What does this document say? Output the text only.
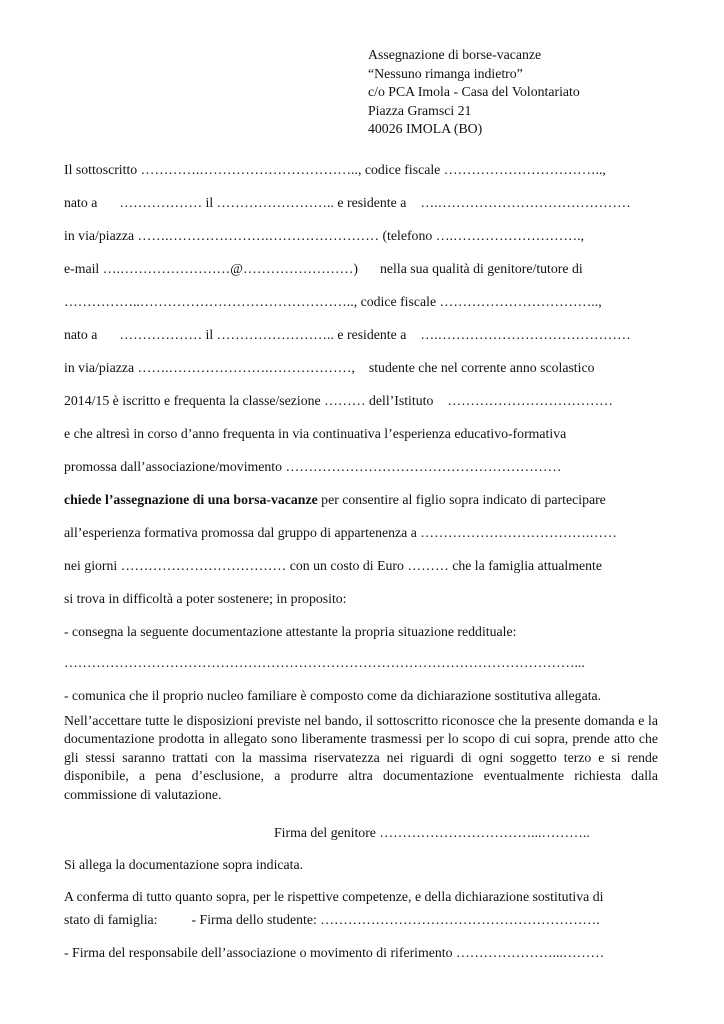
Assegnazione di borse-vacanze
“Nessuno rimanga indietro”
c/o PCA Imola - Casa del Volontariato
Piazza Gramsci 21
40026 IMOLA (BO)
Il sottoscritto ………….…………………………….., codice fiscale ……………………………..,
nato a ……………… il …………………….. e residente a ….……………………………………
in via/piazza …….………………….…………………… (telefono ….……………………….,
e-mail ….……………………@……………………) nella sua qualità di genitore/tutore di
……………..……………………………………….., codice fiscale ……………………………..,
nato a ……………… il …………………….. e residente a ….……………………………………
in via/piazza …….………………….………………, studente che nel corrente anno scolastico
2014/15 è iscritto e frequenta la classe/sezione ……… dell’Istituto ………………………………
e che altresì in corso d’anno frequenta in via continuativa l’esperienza educativo-formativa
promossa dall’associazione/movimento ……………………………………………………
chiede l’assegnazione di una borsa-vacanze per consentire al figlio sopra indicato di partecipare
all’esperienza formativa promossa dal gruppo di appartenenza a ……………………………….……
nei giorni ……………………………… con un costo di Euro ……… che la famiglia attualmente
si trova in difficoltà a poter sostenere; in proposito:
- consegna la seguente documentazione attestante la propria situazione reddituale:
…………………………………………………………………………………………………...
- comunica che il proprio nucleo familiare è composto come da dichiarazione sostitutiva allegata.
Nell’accettare tutte le disposizioni previste nel bando, il sottoscritto riconosce che la presente domanda e la documentazione prodotta in allegato sono liberamente trasmessi per lo scopo di cui sopra, prende atto che gli stessi saranno trattati con la massima riservatezza nei riguardi di ogni soggetto terzo e si rende disponibile, a pena d’esclusione, a produrre altra documentazione eventualmente richiesta dalla commissione di valutazione.
Firma del genitore ……………………………...………..
Si allega la documentazione sopra indicata.
A conferma di tutto quanto sopra, per le rispettive competenze, e della dichiarazione sostitutiva di
stato di famiglia: - Firma dello studente: …………………………………………………….
- Firma del responsabile dell’associazione o movimento di riferimento …………………...………
